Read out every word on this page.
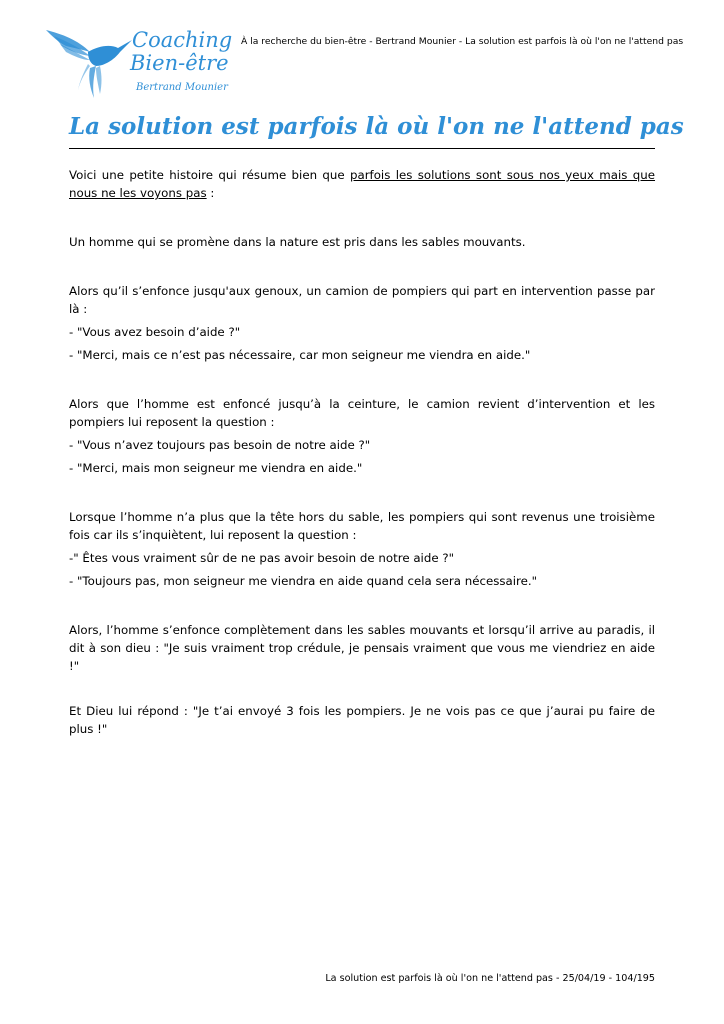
Coaching
Bien-être
Bertrand Mounier
À la recherche du bien-être - Bertrand Mounier - La solution est parfois là où l'on ne l'attend pas
La solution est parfois là où l'on ne l'attend pas

Voici une petite histoire qui résume bien que parfois les solutions sont sous nos yeux mais que nous ne les voyons pas :

Un homme qui se promène dans la nature est pris dans les sables mouvants.

Alors qu’il s’enfonce jusqu'aux genoux, un camion de pompiers qui part en intervention passe par là :

- "Vous avez besoin d’aide ?"

- "Merci, mais ce n’est pas nécessaire, car mon seigneur me viendra en aide."

Alors que l’homme est enfoncé jusqu’à la ceinture, le camion revient d’intervention et les pompiers lui reposent la question :

- "Vous n’avez toujours pas besoin de notre aide ?"

- "Merci, mais mon seigneur me viendra en aide."

Lorsque l’homme n’a plus que la tête hors du sable, les pompiers qui sont revenus une troisième fois car ils s’inquiètent, lui reposent la question :

-" Êtes vous vraiment sûr de ne pas avoir besoin de notre aide ?"

- "Toujours pas, mon seigneur me viendra en aide quand cela sera nécessaire."

Alors, l’homme s’enfonce complètement dans les sables mouvants et lorsqu’il arrive au paradis, il dit à son dieu : "Je suis vraiment trop crédule, je pensais vraiment que vous me viendriez en aide !"

Et Dieu lui répond : "Je t’ai envoyé 3 fois les pompiers. Je ne vois pas ce que j’aurai pu faire de plus !"

La solution est parfois là où l'on ne l'attend pas - 25/04/19 - 104/195
